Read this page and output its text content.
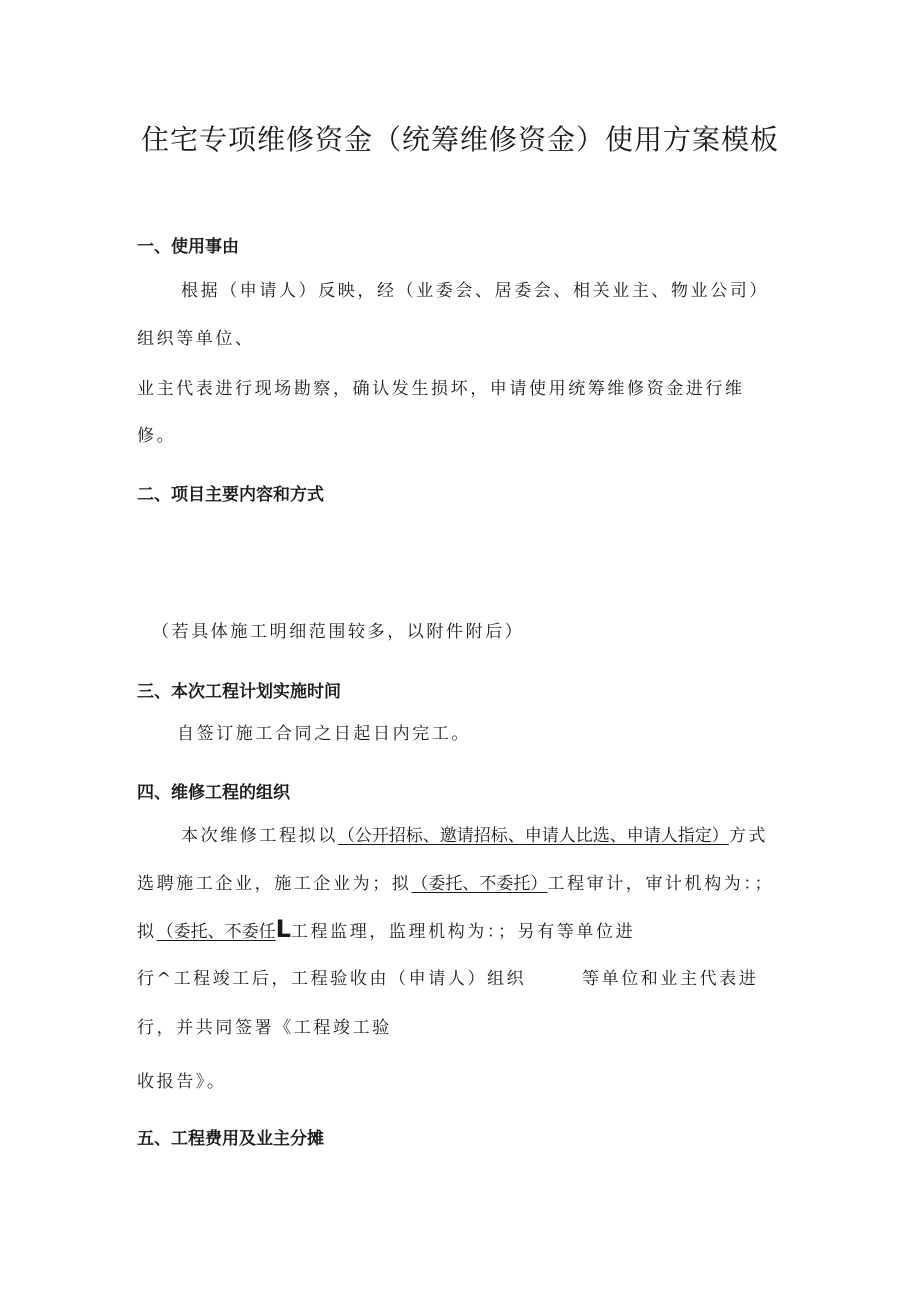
住宅专项维修资金（统筹维修资金）使用方案模板
一、使用事由
根据（申请人）反映，经（业委会、居委会、相关业主、物业公司）
组织等单位、
业主代表进行现场勘察，确认发生损坏，申请使用统筹维修资金进行维
修。
二、项目主要内容和方式
（若具体施工明细范围较多，以附件附后）
三、本次工程计划实施时间
自签订施工合同之日起日内完工。
四、维修工程的组织
本次维修工程拟以（公开招标、邀请招标、申请人比选、申请人指定）方式
选聘施工企业，施工企业为；拟（委托、不委托）工程审计，审计机构为：；
拟（委托、不委任L工程监理，监理机构为：；另有等单位进
行^工程竣工后，工程验收由（申请人）组织	等单位和业主代表进
行，并共同签署《工程竣工验
收报告》。
五、工程费用及业主分摊
